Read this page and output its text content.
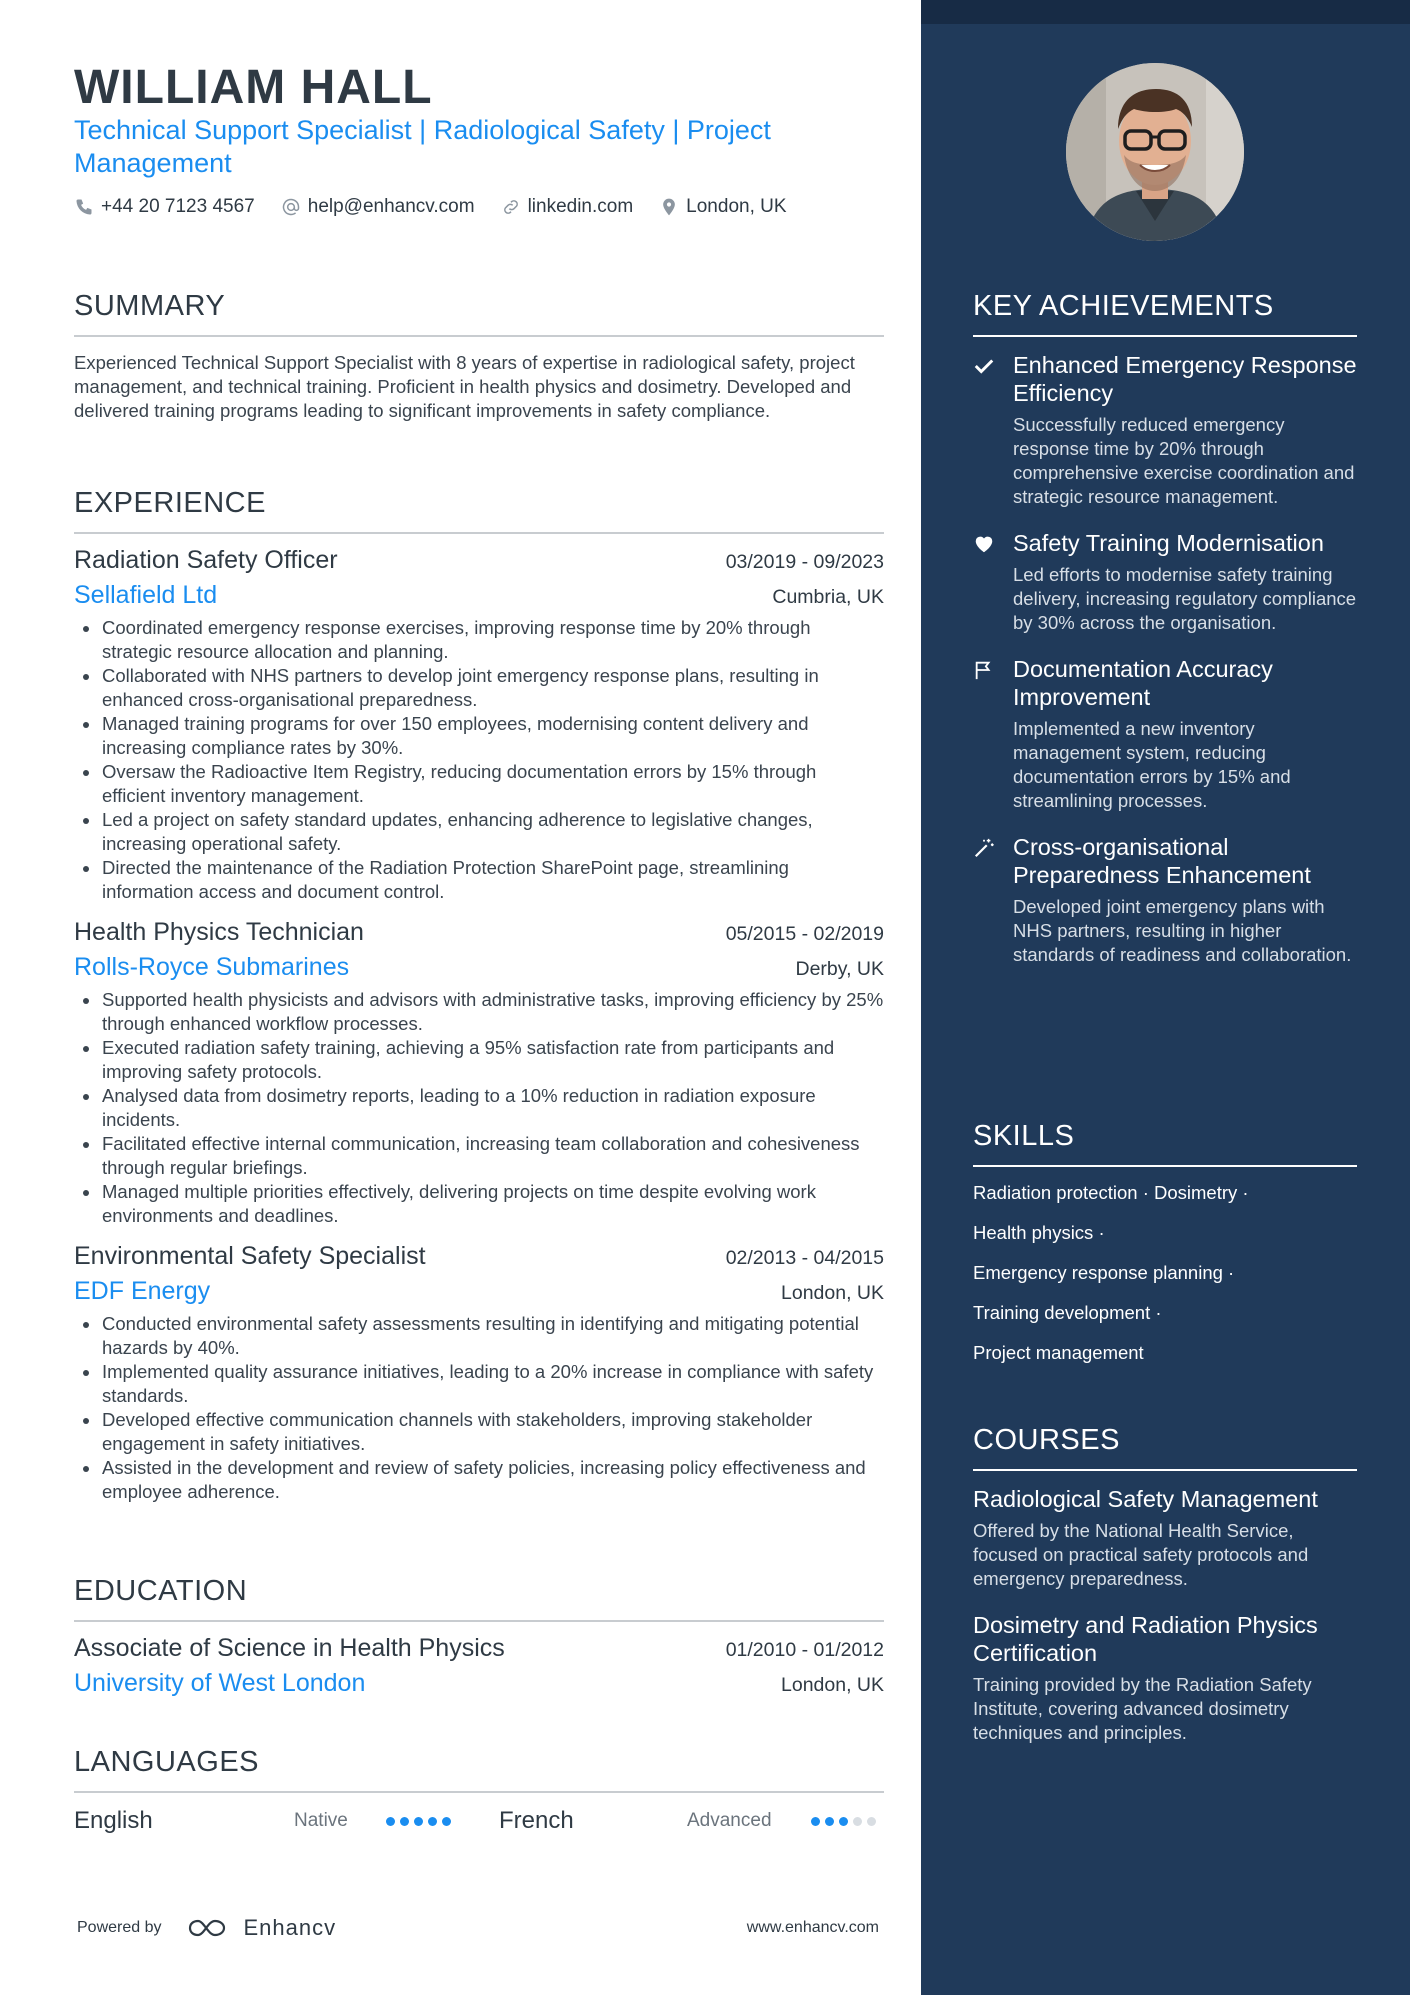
WILLIAM HALL
Technical Support Specialist | Radiological Safety | Project Management
+44 20 7123 4567	help@enhancv.com	linkedin.com	London, UK
SUMMARY
Experienced Technical Support Specialist with 8 years of expertise in radiological safety, project management, and technical training. Proficient in health physics and dosimetry. Developed and delivered training programs leading to significant improvements in safety compliance.
EXPERIENCE
Radiation Safety Officer	03/2019 - 09/2023
Sellafield Ltd	Cumbria, UK
Coordinated emergency response exercises, improving response time by 20% through strategic resource allocation and planning.
Collaborated with NHS partners to develop joint emergency response plans, resulting in enhanced cross-organisational preparedness.
Managed training programs for over 150 employees, modernising content delivery and increasing compliance rates by 30%.
Oversaw the Radioactive Item Registry, reducing documentation errors by 15% through efficient inventory management.
Led a project on safety standard updates, enhancing adherence to legislative changes, increasing operational safety.
Directed the maintenance of the Radiation Protection SharePoint page, streamlining information access and document control.
Health Physics Technician	05/2015 - 02/2019
Rolls-Royce Submarines	Derby, UK
Supported health physicists and advisors with administrative tasks, improving efficiency by 25% through enhanced workflow processes.
Executed radiation safety training, achieving a 95% satisfaction rate from participants and improving safety protocols.
Analysed data from dosimetry reports, leading to a 10% reduction in radiation exposure incidents.
Facilitated effective internal communication, increasing team collaboration and cohesiveness through regular briefings.
Managed multiple priorities effectively, delivering projects on time despite evolving work environments and deadlines.
Environmental Safety Specialist	02/2013 - 04/2015
EDF Energy	London, UK
Conducted environmental safety assessments resulting in identifying and mitigating potential hazards by 40%.
Implemented quality assurance initiatives, leading to a 20% increase in compliance with safety standards.
Developed effective communication channels with stakeholders, improving stakeholder engagement in safety initiatives.
Assisted in the development and review of safety policies, increasing policy effectiveness and employee adherence.
EDUCATION
Associate of Science in Health Physics	01/2010 - 01/2012
University of West London	London, UK
LANGUAGES
English	Native	French	Advanced
Powered by	Enhancv	www.enhancv.com
KEY ACHIEVEMENTS
Enhanced Emergency Response Efficiency
Successfully reduced emergency response time by 20% through comprehensive exercise coordination and strategic resource management.
Safety Training Modernisation
Led efforts to modernise safety training delivery, increasing regulatory compliance by 30% across the organisation.
Documentation Accuracy Improvement
Implemented a new inventory management system, reducing documentation errors by 15% and streamlining processes.
Cross-organisational Preparedness Enhancement
Developed joint emergency plans with NHS partners, resulting in higher standards of readiness and collaboration.
SKILLS
Radiation protection · Dosimetry ·
Health physics ·
Emergency response planning ·
Training development ·
Project management
COURSES
Radiological Safety Management
Offered by the National Health Service, focused on practical safety protocols and emergency preparedness.
Dosimetry and Radiation Physics Certification
Training provided by the Radiation Safety Institute, covering advanced dosimetry techniques and principles.
